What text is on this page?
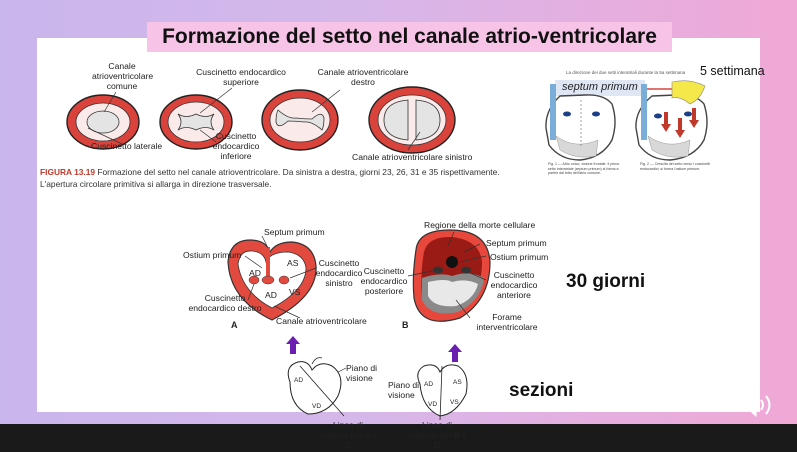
Formazione del setto nel canale atrio-ventricolare
Canale atrioventricolare comune
Cuscinetto endocardico superiore
Canale atrioventricolare destro
Cuscinetto laterale
Cuscinetto endocardico inferiore	Canale atrioventricolare sinistro
FIGURA 13.19 Formazione del setto nel canale atrioventricolare. Da sinistra a destra, giorni 23, 26, 31 e 35 rispettivamente. L'apertura circolare primitiva si allarga in direzione trasversale.
La direzione dei due setti interatriali durante la 5a settimana
septum primum
5 settimana
Fig. 1 — Atrio unico, visione frontale. Il primo setto interatriale (septum primum) si forma a partire dal tetto dell'atrio comune.
Fig. 2 — Crescita del setto verso i cuscinetti endocardici; si forma l'ostium primum.
Septum primum
Ostium primum
AD
AS
AD VS
Cuscinetto endocardico sinistro
Cuscinetto endocardico destro
Canale atrioventricolare
A
Regione della morte cellulare
Septum primum
Ostium primum
Cuscinetto endocardico posteriore
Cuscinetto endocardico anteriore
Forame interventricolare
B
30 giorni
AD
VD
Piano di visione
Linea di sezione per A e C
Piano di visione
AD	AS
VD VS
Linea di sezione per B e D
sezioni
